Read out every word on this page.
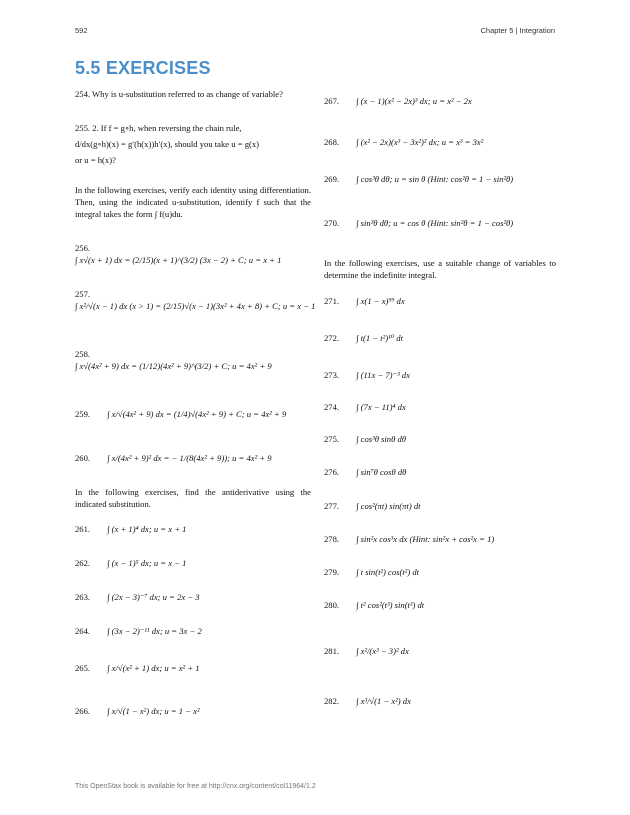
592	Chapter 5 | Integration
5.5 EXERCISES
254. Why is u-substitution referred to as change of variable?
255. 2. If f = g∘h, when reversing the chain rule,
d/dx(g∘h)(x) = g′(h(x))h′(x), should you take u = g(x)
or u = h(x)?
In the following exercises, verify each identity using differentiation. Then, using the indicated u-substitution, identify f such that the integral takes the form ∫ f(u)du.
256.
∫ x√(x + 1) dx = (2/15)(x + 1)^(3/2) (3x − 2) + C; u = x + 1
257.
∫ x²/√(x − 1) dx (x > 1) = (2/15)√(x − 1)(3x² + 4x + 8) + C; u = x − 1
258.
∫ x√(4x² + 9) dx = (1/12)(4x² + 9)^(3/2) + C; u = 4x² + 9
259. ∫ x/√(4x² + 9) dx = (1/4)√(4x² + 9) + C; u = 4x² + 9
260. ∫ x/(4x² + 9)² dx = − 1/(8(4x² + 9)); u = 4x² + 9
In the following exercises, find the antiderivative using the indicated substitution.
261. ∫ (x + 1)⁴ dx; u = x + 1
262. ∫ (x − 1)⁵ dx; u = x − 1
263. ∫ (2x − 3)⁻⁷ dx; u = 2x − 3
264. ∫ (3x − 2)⁻¹¹ dx; u = 3x − 2
265. ∫ x/√(x² + 1) dx; u = x² + 1
266. ∫ x/√(1 − x²) dx; u = 1 − x²
267. ∫ (x − 1)(x² − 2x)³ dx; u = x² − 2x
268. ∫ (x² − 2x)(x³ − 3x²)² dx; u = x³ = 3x²
269. ∫ cos³θ dθ; u = sin θ (Hint: cos²θ = 1 − sin²θ)
270. ∫ sin³θ dθ; u = cos θ (Hint: sin²θ = 1 − cos²θ)
In the following exercises, use a suitable change of variables to determine the indefinite integral.
271. ∫ x(1 − x)⁹⁹ dx
272. ∫ t(1 − t²)¹⁰ dt
273. ∫ (11x − 7)⁻³ dx
274. ∫ (7x − 11)⁴ dx
275. ∫ cos³θ sinθ dθ
276. ∫ sin⁷θ cosθ dθ
277. ∫ cos²(πt) sin(πt) dt
278. ∫ sin²x cos³x dx (Hint: sin²x + cos²x = 1)
279. ∫ t sin(t²) cos(t²) dt
280. ∫ t² cos²(t³) sin(t³) dt
281. ∫ x²/(x³ − 3)² dx
282. ∫ x³/√(1 − x²) dx
This OpenStax book is available for free at http://cnx.org/content/col11964/1.2
